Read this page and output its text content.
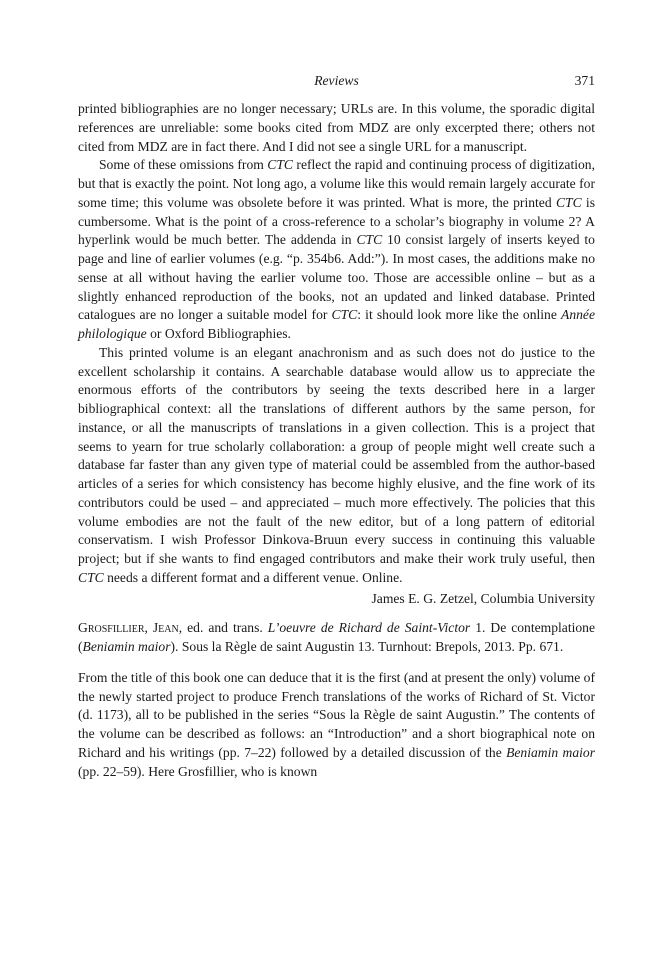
Reviews	371

printed bibliographies are no longer necessary; URLs are. In this volume, the sporadic digital references are unreliable: some books cited from MDZ are only excerpted there; others not cited from MDZ are in fact there. And I did not see a single URL for a manuscript.

Some of these omissions from CTC reflect the rapid and continuing process of digitization, but that is exactly the point. Not long ago, a volume like this would remain largely accurate for some time; this volume was obsolete before it was printed. What is more, the printed CTC is cumbersome. What is the point of a cross-reference to a scholar’s biography in volume 2? A hyperlink would be much better. The addenda in CTC 10 consist largely of inserts keyed to page and line of earlier volumes (e.g. “p. 354b6. Add:”). In most cases, the additions make no sense at all without having the earlier volume too. Those are accessible online – but as a slightly enhanced reproduction of the books, not an updated and linked database. Printed catalogues are no longer a suitable model for CTC: it should look more like the online Année philologique or Oxford Bibliographies.

This printed volume is an elegant anachronism and as such does not do justice to the excellent scholarship it contains. A searchable database would allow us to appreciate the enormous efforts of the contributors by seeing the texts described here in a larger bibliographical context: all the translations of different authors by the same person, for instance, or all the manuscripts of translations in a given collection. This is a project that seems to yearn for true scholarly collaboration: a group of people might well create such a database far faster than any given type of material could be assembled from the author-based articles of a series for which consistency has become highly elusive, and the fine work of its contributors could be used – and appreciated – much more effectively. The policies that this volume embodies are not the fault of the new editor, but of a long pattern of editorial conservatism. I wish Professor Dinkova-Bruun every success in continuing this valuable project; but if she wants to find engaged contributors and make their work truly useful, then CTC needs a different format and a different venue. Online.

James E. G. Zetzel, Columbia University

Grosfillier, Jean, ed. and trans. L’oeuvre de Richard de Saint-Victor 1. De contemplatione (Beniamin maior). Sous la Règle de saint Augustin 13. Turnhout: Brepols, 2013. Pp. 671.

From the title of this book one can deduce that it is the first (and at present the only) volume of the newly started project to produce French translations of the works of Richard of St. Victor (d. 1173), all to be published in the series “Sous la Règle de saint Augustin.” The contents of the volume can be described as follows: an “Introduction” and a short biographical note on Richard and his writings (pp. 7–22) followed by a detailed discussion of the Beniamin maior (pp. 22–59). Here Grosfillier, who is known
